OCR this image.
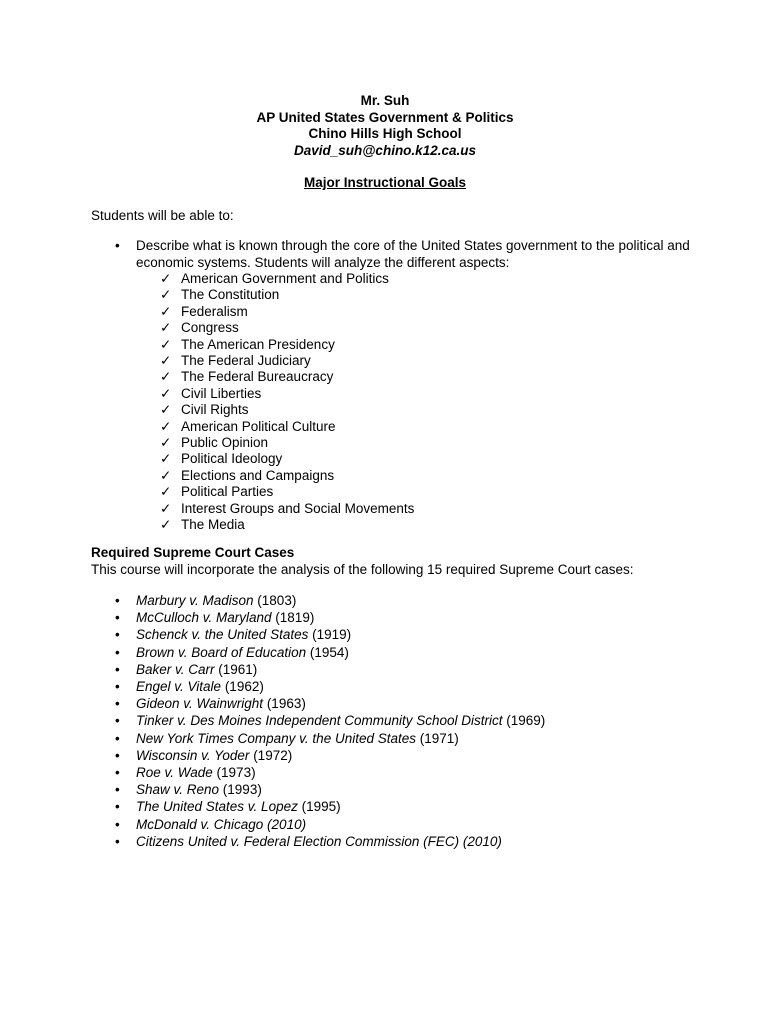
Mr. Suh
AP United States Government & Politics
Chino Hills High School
David_suh@chino.k12.ca.us
Major Instructional Goals
Students will be able to:
• Describe what is known through the core of the United States government to the political and economic systems. Students will analyze the different aspects:
✓ American Government and Politics
✓ The Constitution
✓ Federalism
✓ Congress
✓ The American Presidency
✓ The Federal Judiciary
✓ The Federal Bureaucracy
✓ Civil Liberties
✓ Civil Rights
✓ American Political Culture
✓ Public Opinion
✓ Political Ideology
✓ Elections and Campaigns
✓ Political Parties
✓ Interest Groups and Social Movements
✓ The Media
Required Supreme Court Cases
This course will incorporate the analysis of the following 15 required Supreme Court cases:
• Marbury v. Madison (1803)
• McCulloch v. Maryland (1819)
• Schenck v. the United States (1919)
• Brown v. Board of Education (1954)
• Baker v. Carr (1961)
• Engel v. Vitale (1962)
• Gideon v. Wainwright (1963)
• Tinker v. Des Moines Independent Community School District (1969)
• New York Times Company v. the United States (1971)
• Wisconsin v. Yoder (1972)
• Roe v. Wade (1973)
• Shaw v. Reno (1993)
• The United States v. Lopez (1995)
• McDonald v. Chicago (2010)
• Citizens United v. Federal Election Commission (FEC) (2010)
